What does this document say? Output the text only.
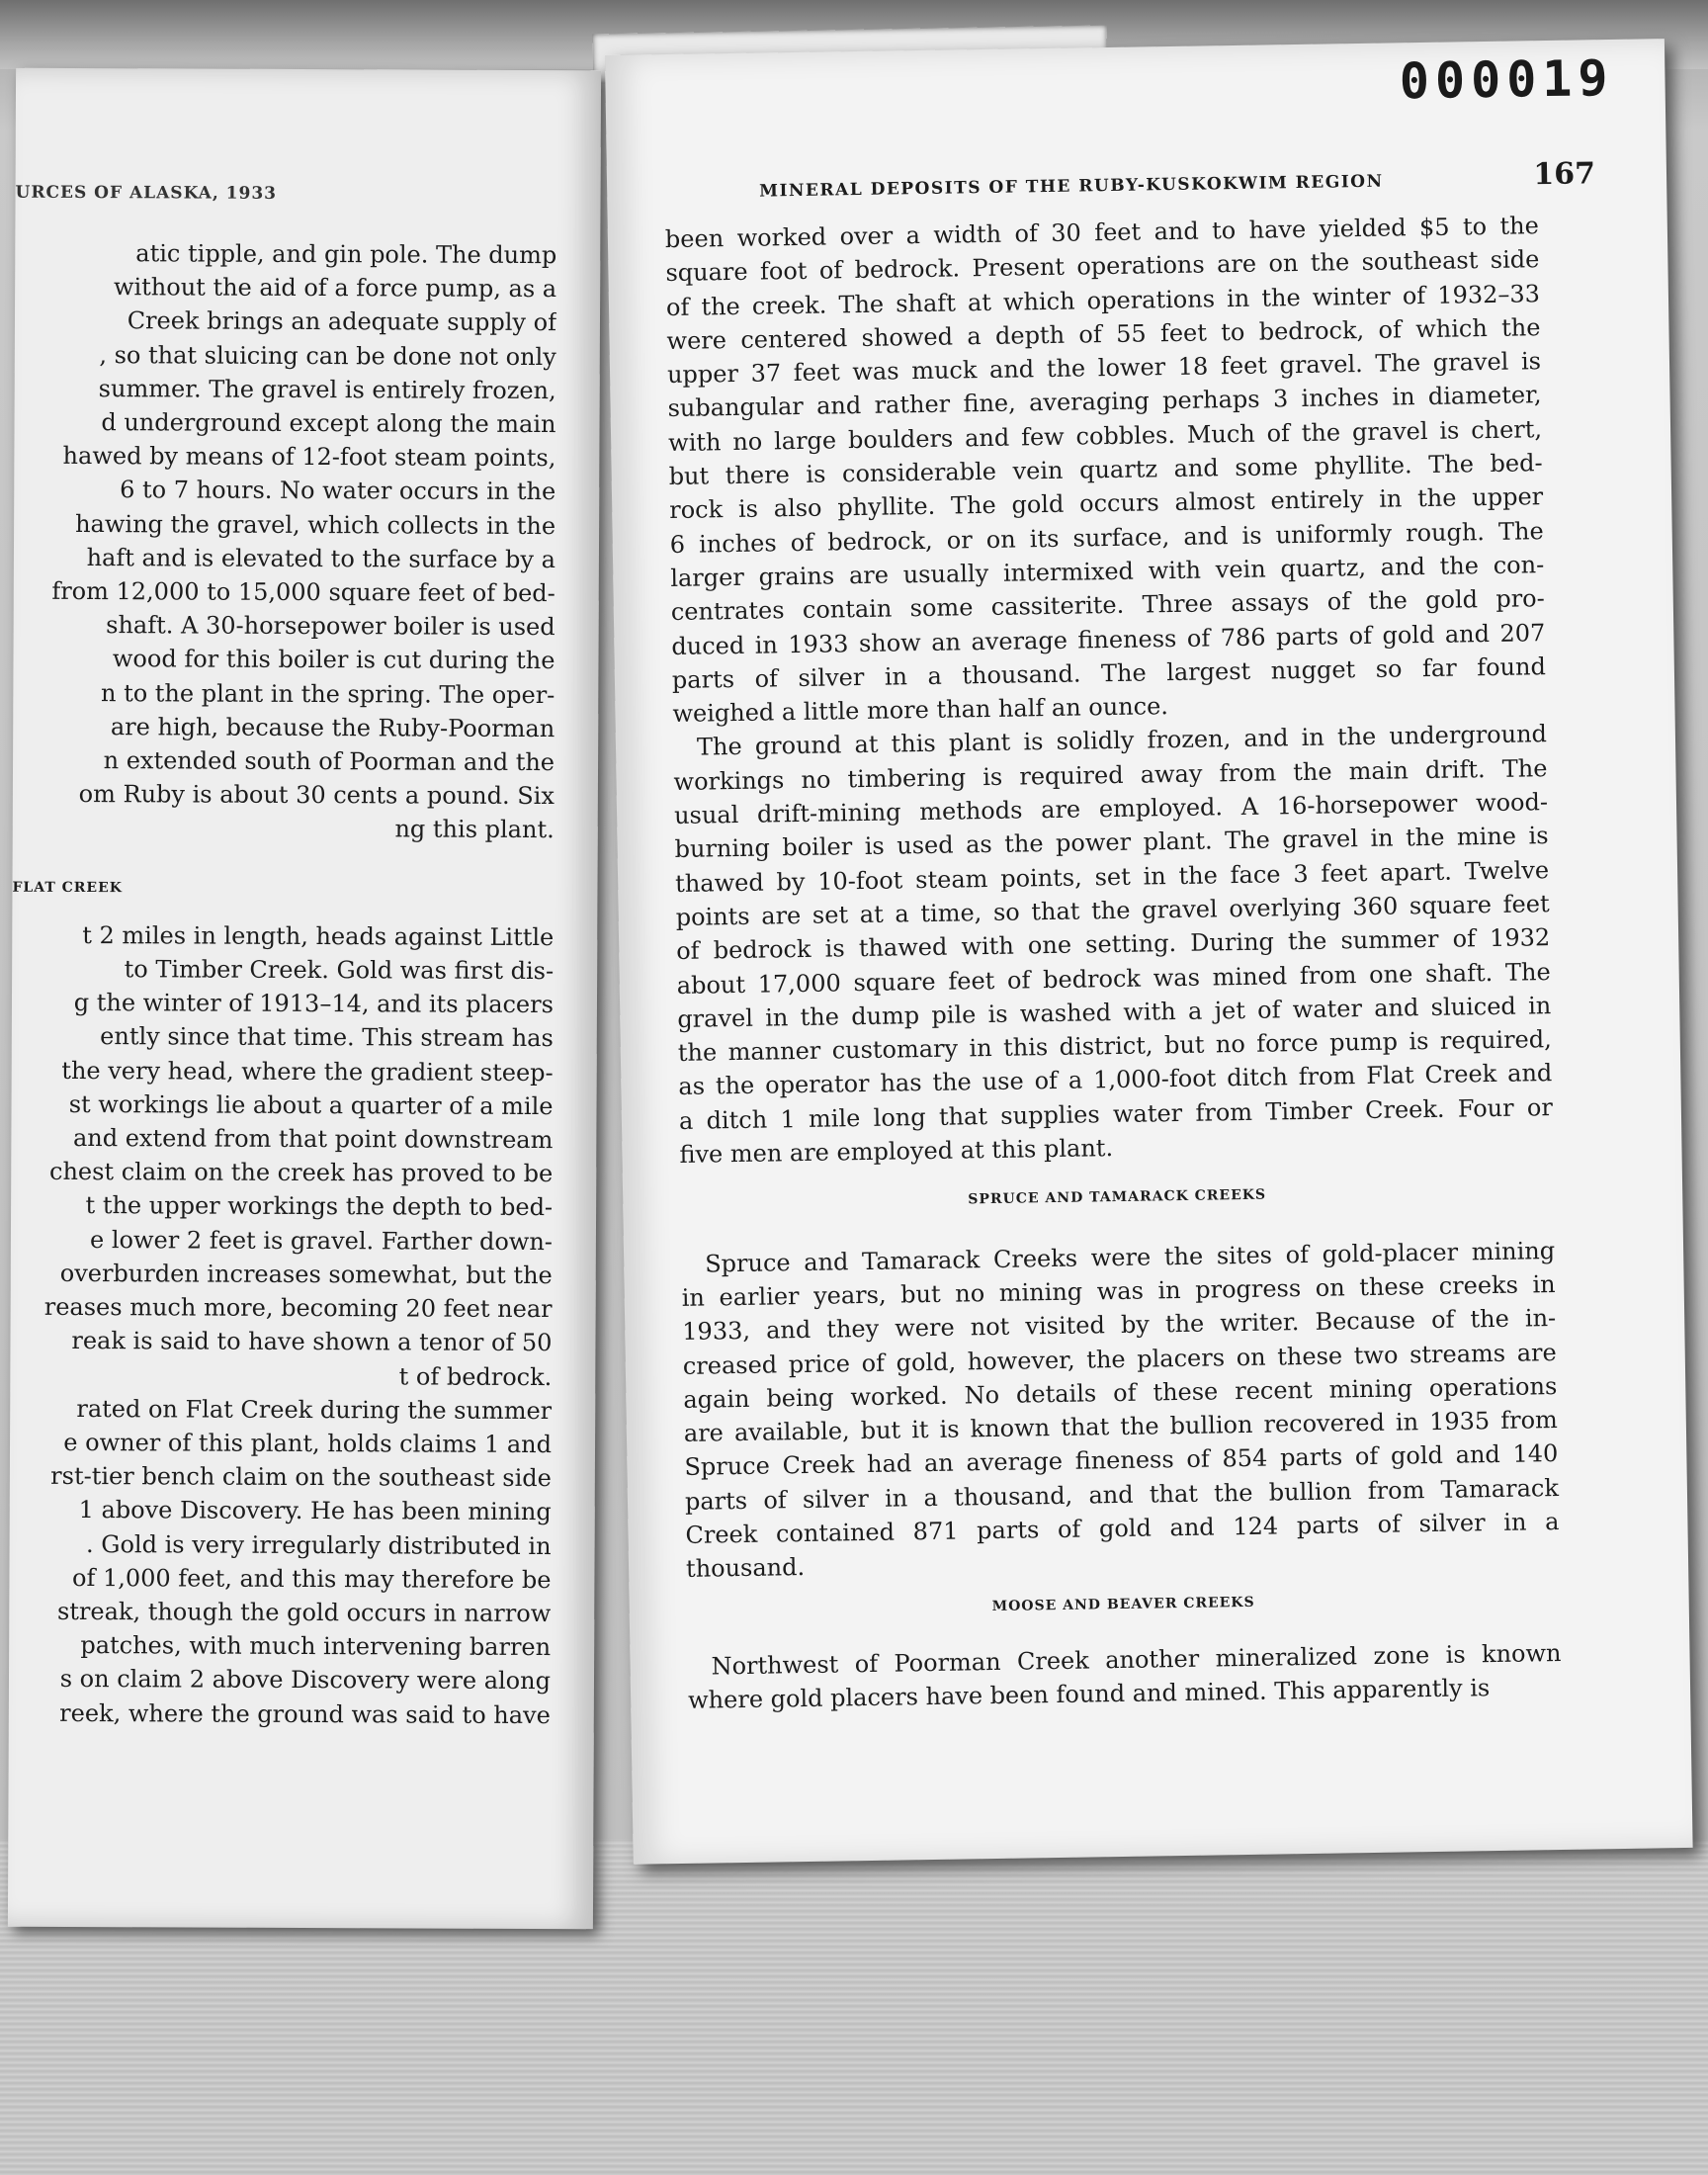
URCES OF ALASKA, 1933

atic tipple, and gin pole. The dump

without the aid of a force pump, as a

Creek brings an adequate supply of

, so that sluicing can be done not only

summer. The gravel is entirely frozen,

d underground except along the main

hawed by means of 12-foot steam points,

6 to 7 hours. No water occurs in the

hawing the gravel, which collects in the

haft and is elevated to the surface by a

from 12,000 to 15,000 square feet of bed-

shaft. A 30-horsepower boiler is used

wood for this boiler is cut during the

n to the plant in the spring. The oper-

are high, because the Ruby-Poorman

n extended south of Poorman and the

om Ruby is about 30 cents a pound. Six

ng this plant.

FLAT CREEK

t 2 miles in length, heads against Little

to Timber Creek. Gold was first dis-

g the winter of 1913–14, and its placers

ently since that time. This stream has

the very head, where the gradient steep-

st workings lie about a quarter of a mile

and extend from that point downstream

chest claim on the creek has proved to be

t the upper workings the depth to bed-

e lower 2 feet is gravel. Farther down-

overburden increases somewhat, but the

reases much more, becoming 20 feet near

reak is said to have shown a tenor of 50

t of bedrock.

rated on Flat Creek during the summer

e owner of this plant, holds claims 1 and

rst-tier bench claim on the southeast side

1 above Discovery. He has been mining

. Gold is very irregularly distributed in

of 1,000 feet, and this may therefore be

streak, though the gold occurs in narrow

patches, with much intervening barren

s on claim 2 above Discovery were along

reek, where the ground was said to have

000019
MINERAL DEPOSITS OF THE RUBY-KUSKOKWIM REGION	167
been worked over a width of 30 feet and to have yielded $5 to the
square foot of bedrock. Present operations are on the southeast side
of the creek. The shaft at which operations in the winter of 1932–33
were centered showed a depth of 55 feet to bedrock, of which the
upper 37 feet was muck and the lower 18 feet gravel. The gravel is
subangular and rather fine, averaging perhaps 3 inches in diameter,
with no large boulders and few cobbles. Much of the gravel is chert,
but there is considerable vein quartz and some phyllite. The bed-
rock is also phyllite. The gold occurs almost entirely in the upper
6 inches of bedrock, or on its surface, and is uniformly rough. The
larger grains are usually intermixed with vein quartz, and the con-
centrates contain some cassiterite. Three assays of the gold pro-
duced in 1933 show an average fineness of 786 parts of gold and 207
parts of silver in a thousand. The largest nugget so far found
weighed a little more than half an ounce.
The ground at this plant is solidly frozen, and in the underground
workings no timbering is required away from the main drift. The
usual drift-mining methods are employed. A 16-horsepower wood-
burning boiler is used as the power plant. The gravel in the mine is
thawed by 10-foot steam points, set in the face 3 feet apart. Twelve
points are set at a time, so that the gravel overlying 360 square feet
of bedrock is thawed with one setting. During the summer of 1932
about 17,000 square feet of bedrock was mined from one shaft. The
gravel in the dump pile is washed with a jet of water and sluiced in
the manner customary in this district, but no force pump is required,
as the operator has the use of a 1,000-foot ditch from Flat Creek and
a ditch 1 mile long that supplies water from Timber Creek. Four or
five men are employed at this plant.
SPRUCE AND TAMARACK CREEKS
Spruce and Tamarack Creeks were the sites of gold-placer mining
in earlier years, but no mining was in progress on these creeks in
1933, and they were not visited by the writer. Because of the in-
creased price of gold, however, the placers on these two streams are
again being worked. No details of these recent mining operations
are available, but it is known that the bullion recovered in 1935 from
Spruce Creek had an average fineness of 854 parts of gold and 140
parts of silver in a thousand, and that the bullion from Tamarack
Creek contained 871 parts of gold and 124 parts of silver in a
thousand.
MOOSE AND BEAVER CREEKS
Northwest of Poorman Creek another mineralized zone is known
where gold placers have been found and mined. This apparently is
